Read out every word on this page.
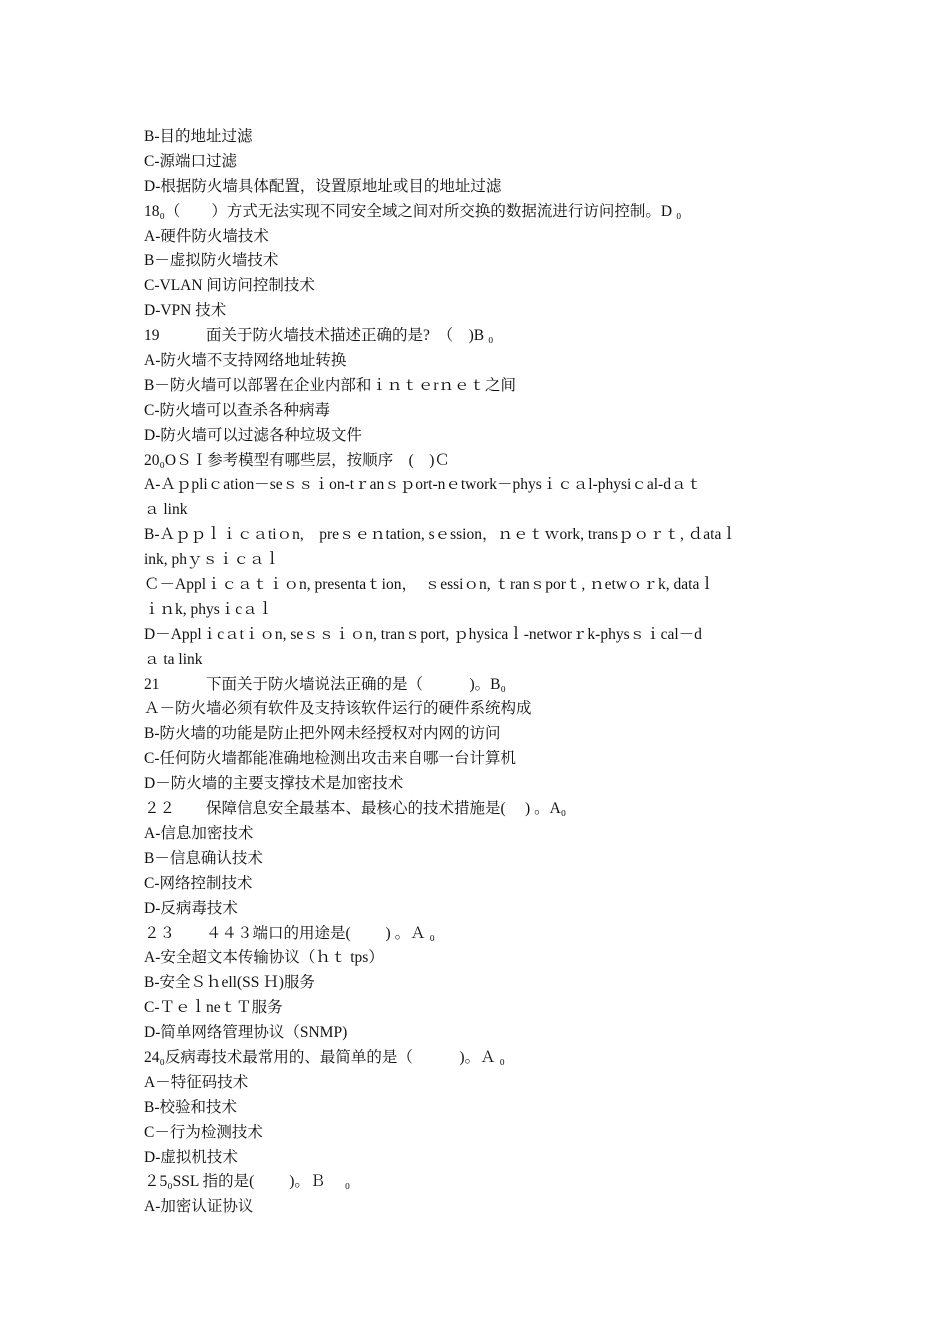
B-目的地址过滤
C-源端口过滤
D-根据防火墙具体配置，设置原地址或目的地址过滤
18₀（　　）方式无法实现不同安全域之间对所交换的数据流进行访问控制。D ₀
A-硬件防火墙技术
B－虚拟防火墙技术
C-VLAN 间访问控制技术
D-VPN 技术
19　　　面关于防火墙技术描述正确的是?　（　)B ₀
A-防火墙不支持网络地址转换
B－防火墙可以部署在企业内部和ｉｎｔｅrｎｅｔ之间
C-防火墙可以查杀各种病毒
D-防火墙可以过滤各种垃圾文件
20₀OＳＩ参考模型有哪些层，按顺序　(　)Ｃ
A-Ａｐpliｃation－seｓｓｉon-tｒanｓｐort-nｅtwork－physｉｃａl-physiｃal-dａｔ
ａ link
B-Ａｐｐｌｉｃａtiｏn,　preｓｅｎtation, sｅssion，ｎｅｔｗork, transｐｏｒｔ, ｄataｌ
ink, phｙｓｉｃａｌ
Ｃ－Applｉｃａｔｉｏn, presentaｔion，　ｓessiｏn, ｔranｓporｔ, ｎetwｏｒk, dataｌ
ｉｎk, physｉcａｌ
D－Applｉcａtｉｏn, seｓｓｉｏn, tranｓport, ｐhysicaｌ-networｒk-physｓｉcal－d
ａ ta link
21　　　下面关于防火墙说法正确的是（　　　)。B₀
Ａ－防火墙必须有软件及支持该软件运行的硬件系统构成
B-防火墙的功能是防止把外网未经授权对内网的访问
C-任何防火墙都能准确地检测出攻击来自哪一台计算机
D－防火墙的主要支撑技术是加密技术
２２　　保障信息安全最基本、最核心的技术措施是(　 ) 。A₀
A-信息加密技术
B－信息确认技术
C-网络控制技术
D-反病毒技术
２３　　４４３端口的用途是(　　 ) 。Ａ ₀
A-安全超文本传输协议（ｈｔ tps）
B-安全Ｓｈell(SS Ｈ)服务
C-ＴｅｌneｔＴ服务
D-简单网络管理协议（SNMP)
24₀反病毒技术最常用的、最简单的是（　　　)。Ａ ₀
A－特征码技术
B-校验和技术
C－行为检测技术
D-虚拟机技术
２5₀SSL 指的是(　 　)。Ｂ　 ₀
A-加密认证协议
